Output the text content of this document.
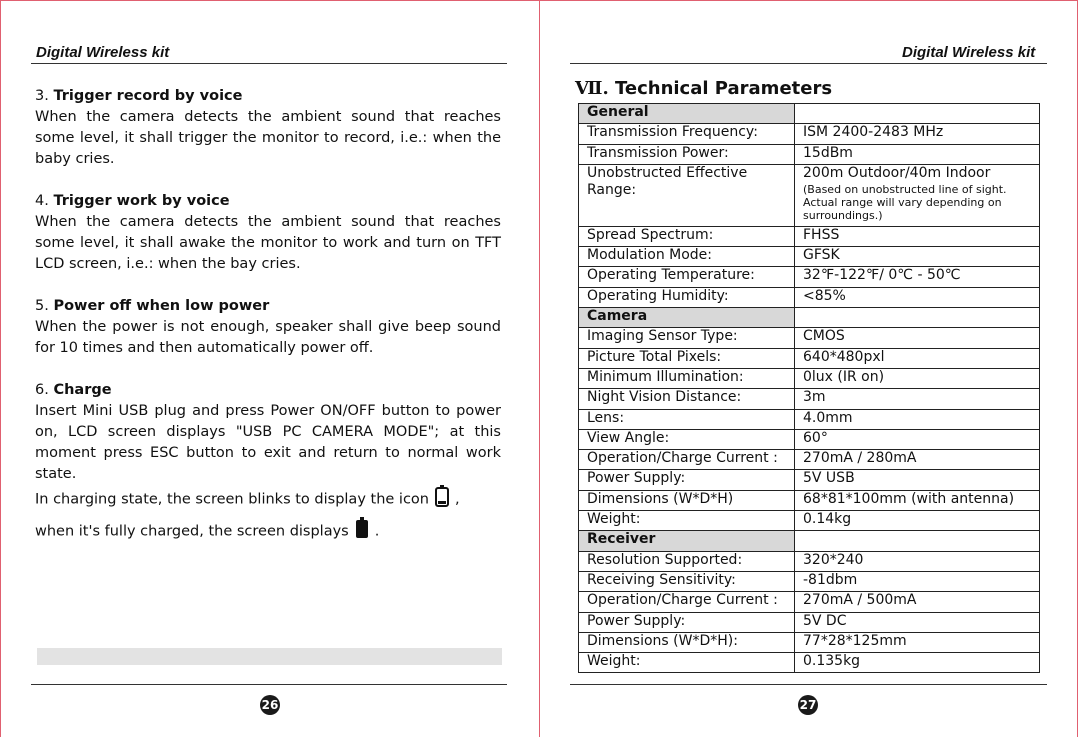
Digital Wireless kit
3. Trigger record by voice

When the camera detects the ambient sound that reaches some level, it shall trigger the monitor to record, i.e.: when the baby cries.

4. Trigger work by voice

When the camera detects the ambient sound that reaches some level, it shall awake the monitor to work and turn on TFT LCD screen, i.e.: when the bay cries.

5. Power off when low power

When the power is not enough, speaker shall give beep sound for 10 times and then automatically power off.

6. Charge

Insert Mini USB plug and press Power ON/OFF button to power on, LCD screen displays "USB PC CAMERA MODE"; at this moment press ESC button to exit and return to normal work state.

In charging state, the screen blinks to display the icon ,
when it's fully charged, the screen displays .
26
Digital Wireless kit
Ⅶ. Technical Parameters
General	
Transmission Frequency:	ISM 2400-2483 MHz
Transmission Power:	15dBm
Unobstructed Effective Range:	200m Outdoor/40m Indoor
(Based on unobstructed line of sight. Actual range will vary depending on surroundings.)

Spread Spectrum:	FHSS
Modulation Mode:	GFSK
Operating Temperature:	32℉-122℉/ 0℃ - 50℃
Operating Humidity:	<85%
Camera	
Imaging Sensor Type:	CMOS
Picture Total Pixels:	640*480pxl
Minimum Illumination:	0lux (IR on)
Night Vision Distance:	3m
Lens:	4.0mm
View Angle:	60°
Operation/Charge Current :	270mA / 280mA
Power Supply:	5V USB
Dimensions (W*D*H)	68*81*100mm (with antenna)
Weight:	0.14kg
Receiver	
Resolution Supported:	320*240
Receiving Sensitivity:	-81dbm
Operation/Charge Current :	270mA / 500mA
Power Supply:	5V DC
Dimensions (W*D*H):	77*28*125mm
Weight:	0.135kg
27
